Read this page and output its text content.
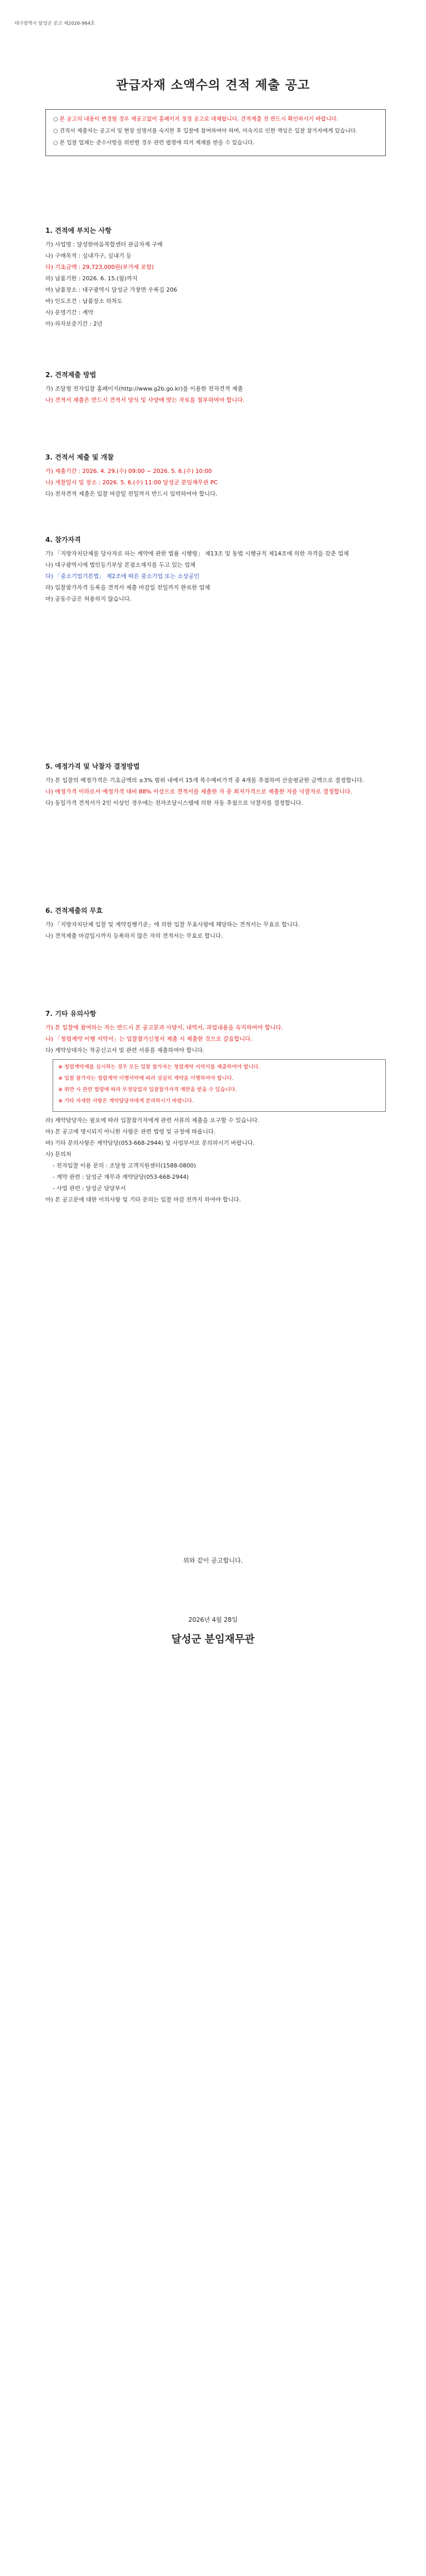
대구광역시 달성군 공고 제2026-964호
관급자재 소액수의 견적 제출 공고

○ 본 공고의 내용이 변경될 경우 재공고없이 홈페이지 정정 공고로 대체합니다. 견적제출 전 반드시 확인하시기 바랍니다.

○ 견적서 제출자는 공고서 및 현장 설명서를 숙지한 후 입찰에 참여하여야 하며, 미숙지로 인한 책임은 입찰 참가자에게 있습니다.

○ 본 입찰 업체는 준수사항을 위반할 경우 관련 법령에 의거 제재를 받을 수 있습니다.

1. 견적에 부치는 사항

가) 사업명 : 달성한마음복합센터 관급자재 구매

나) 구매목적 : 실내가구, 실내기 등

다) 기초금액 : 29,723,000원(부가세 포함)

라) 납품기한 : 2026. 6. 15.(월)까지

마) 납품장소 : 대구광역시 달성군 가창면 우록길 206

바) 인도조건 : 납품장소 하차도

사) 운영기간 : 계약

아) 하자보증기간 : 2년

2. 견적제출 방법

가) 조달청 전자입찰 홈페이지(http://www.g2b.go.kr)를 이용한 전자견적 제출

나) 견적서 제출은 반드시 견적서 양식 및 사양에 맞는 자료를 첨부하여야 합니다.

3. 견적서 제출 및 개찰

가) 제출기간 : 2026. 4. 29.(수) 09:00 ~ 2026. 5. 6.(수) 10:00

나) 개찰일시 및 장소 : 2026. 5. 6.(수) 11:00 달성군 분임재무관 PC

다) 전자견적 제출은 입찰 마감일 전일까지 반드시 입력하여야 합니다.

4. 참가자격

가) 「지방자치단체를 당사자로 하는 계약에 관한 법률 시행령」 제13조 및 동법 시행규칙 제14조에 의한 자격을 갖춘 업체

나) 대구광역시에 법인등기부상 본점소재지를 두고 있는 업체

다) 「중소기업기본법」 제2조에 따른 중소기업 또는 소상공인

라) 입찰참가자격 등록을 견적서 제출 마감일 전일까지 완료한 업체

마) 공동수급은 허용하지 않습니다.

5. 예정가격 및 낙찰자 결정방법

가) 본 입찰의 예정가격은 기초금액의 ±3% 범위 내에서 15개 복수예비가격 중 4개를 추첨하여 산술평균한 금액으로 결정합니다.

나) 예정가격 이하로서 예정가격 대비 88% 이상으로 견적서를 제출한 자 중 최저가격으로 제출한 자를 낙찰자로 결정합니다.

다) 동일가격 견적서가 2인 이상인 경우에는 전자조달시스템에 의한 자동 추첨으로 낙찰자를 결정합니다.

6. 견적제출의 무효

가) 「지방자치단체 입찰 및 계약집행기준」에 의한 입찰 무효사항에 해당하는 견적서는 무효로 합니다.

나) 견적제출 마감일시까지 등록하지 않은 자의 견적서는 무효로 합니다.

7. 기타 유의사항

가) 본 입찰에 참여하는 자는 반드시 본 공고문과 사양서, 내역서, 과업내용을 숙지하여야 합니다.

나) 「청렴계약 이행 서약서」는 입찰참가신청서 제출 시 제출한 것으로 갈음합니다.

다) 계약상대자는 착공신고서 및 관련 서류를 제출하여야 합니다.

※ 청렴계약제를 실시하는 경우 모든 입찰 참가자는 청렴계약 서약서를 제출하여야 합니다.

※ 입찰 참가자는 청렴계약 이행서약에 따라 성실히 계약을 이행하여야 합니다.

※ 위반 시 관련 법령에 따라 부정당업자 입찰참가자격 제한을 받을 수 있습니다.

※ 기타 자세한 사항은 계약담당자에게 문의하시기 바랍니다.

라) 계약담당자는 필요에 따라 입찰참가자에게 관련 서류의 제출을 요구할 수 있습니다.

마) 본 공고에 명시되지 아니한 사항은 관련 법령 및 규정에 따릅니다.

바) 기타 문의사항은 계약담당(053-668-2944) 및 사업부서로 문의하시기 바랍니다.

사) 문의처

- 전자입찰 이용 문의 : 조달청 고객지원센터(1588-0800)

- 계약 관련 : 달성군 재무과 계약담당(053-668-2944)

- 사업 관련 : 달성군 담당부서

아) 본 공고문에 대한 이의사항 및 기타 문의는 입찰 마감 전까지 하여야 합니다.

위와 같이 공고합니다.
2026년 4월 28일
달성군 분임재무관
